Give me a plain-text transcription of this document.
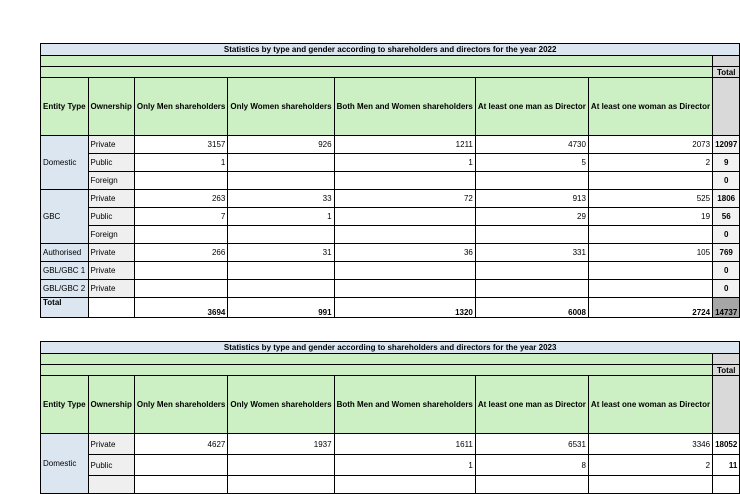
Statistics by type and gender according to shareholders and directors for the year 2022							

							Total
Entity Type	Ownership	Only Men shareholders	Only Women shareholders	Both Men and Women shareholders	At least one man as Director	At least one woman as Director	
Domestic	Private	3157	926	1211	4730	2073	12097
	Public	1		1	5	2	9
	Foreign						0
GBC	Private	263	33	72	913	525	1806
	Public	7	1		29	19	56
	Foreign						0
Authorised	Private	266	31	36	331	105	769
GBL/GBC 1	Private						0
GBL/GBC 2	Private						0
Total		3694	991	1320	6008	2724	14737
Statistics by type and gender according to shareholders and directors for the year 2023							

							Total
Entity Type	Ownership	Only Men shareholders	Only Women shareholders	Both Men and Women shareholders	At least one man as Director	At least one woman as Director	
Domestic	Private	4627	1937	1611	6531	3346	18052
	Public			1	8	2	11
